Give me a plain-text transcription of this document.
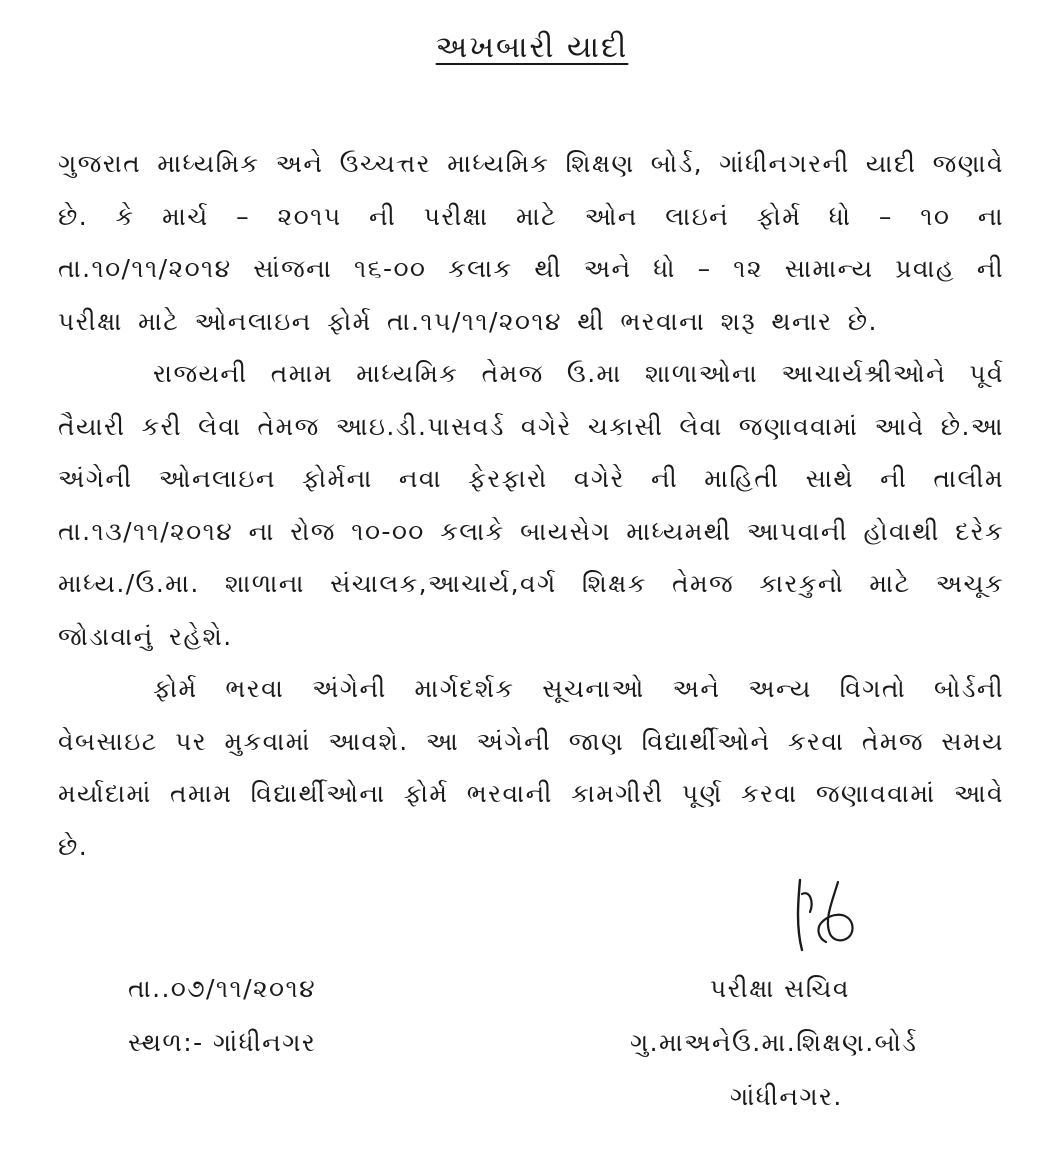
અખબારી યાદી

ગુજરાત માધ્યમિક અને ઉચ્ચત્તર માધ્યમિક શિક્ષણ બોર્ડ, ગાંધીનગરની યાદી જણાવે છે. કે માર્ચ – ૨૦૧૫ ની પરીક્ષા માટે ઓન લાઇનં ફોર્મ ધો – ૧૦ ના તા.૧૦/૧૧/૨૦૧૪ સાંજના ૧૬-૦૦ કલાક થી અને ધો – ૧૨ સામાન્ય પ્રવાહ ની પરીક્ષા માટે ઓનલાઇન ફોર્મ તા.૧૫/૧૧/૨૦૧૪ થી ભરવાના શરૂ થનાર છે.

રાજયની તમામ માધ્યમિક તેમજ ઉ.મા શાળાઓના આચાર્યશ્રીઓને પૂર્વ તૈયારી કરી લેવા તેમજ આઇ.ડી.પાસવર્ડ વગેરે ચકાસી લેવા જણાવવામાં આવે છે.આ અંગેની ઓનલાઇન ફોર્મના નવા ફેરફારો વગેરે ની માહિતી સાથે ની તાલીમ તા.૧૩/૧૧/૨૦૧૪ ના રોજ ૧૦-૦૦ કલાકે બાયસેગ માધ્યમથી આપવાની હોવાથી દરેક માધ્ય./ઉ.મા. શાળાના સંચાલક,આચાર્ય,વર્ગ શિક્ષક તેમજ કારકુનો માટે અચૂક જોડાવાનું રહેશે.

ફોર્મ ભરવા અંગેની માર્ગદર્શક સૂચનાઓ અને અન્ય વિગતો બોર્ડની વેબસાઇટ પર મુકવામાં આવશે. આ અંગેની જાણ વિદ્યાર્થીઓને કરવા તેમજ સમય મર્યાદામાં તમામ વિદ્યાર્થીઓના ફોર્મ ભરવાની કામગીરી પૂર્ણ કરવા જણાવવામાં આવે છે.

તા..૦૭/૧૧/૨૦૧૪
સ્થળ:- ગાંધીનગર
પરીક્ષા સચિવ
ગુ.માઅનેઉ.મા.શિક્ષણ.બોર્ડ
ગાંધીનગર.
